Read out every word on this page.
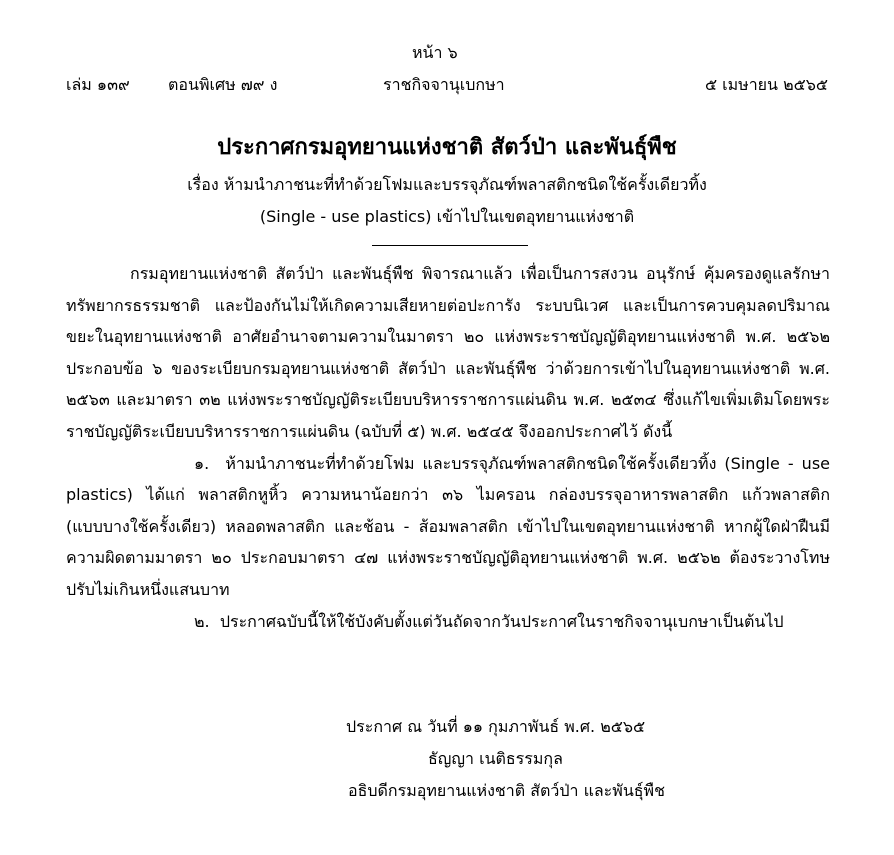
หน้า ๖
เล่ม ๑๓๙ ตอนพิเศษ ๗๙ ง	ราชกิจจานุเบกษา	๕ เมษายน ๒๕๖๕
ประกาศกรมอุทยานแห่งชาติ สัตว์ป่า และพันธุ์พืช
เรื่อง ห้ามนำภาชนะที่ทำด้วยโฟมและบรรจุภัณฑ์พลาสติกชนิดใช้ครั้งเดียวทิ้ง
(Single - use plastics) เข้าไปในเขตอุทยานแห่งชาติ

กรมอุทยานแห่งชาติ สัตว์ป่า และพันธุ์พืช พิจารณาแล้ว เพื่อเป็นการสงวน อนุรักษ์ คุ้มครองดูแลรักษาทรัพยากรธรรมชาติ และป้องกันไม่ให้เกิดความเสียหายต่อปะการัง ระบบนิเวศ และเป็นการควบคุมลดปริมาณขยะในอุทยานแห่งชาติ อาศัยอำนาจตามความในมาตรา ๒๐ แห่งพระราชบัญญัติอุทยานแห่งชาติ พ.ศ. ๒๕๖๒ ประกอบข้อ ๖ ของระเบียบกรมอุทยานแห่งชาติ สัตว์ป่า และพันธุ์พืช ว่าด้วยการเข้าไปในอุทยานแห่งชาติ พ.ศ. ๒๕๖๓ และมาตรา ๓๒ แห่งพระราชบัญญัติระเบียบบริหารราชการแผ่นดิน พ.ศ. ๒๕๓๔ ซึ่งแก้ไขเพิ่มเติมโดยพระราชบัญญัติระเบียบบริหารราชการแผ่นดิน (ฉบับที่ ๕) พ.ศ. ๒๕๔๕ จึงออกประกาศไว้ ดังนี้

๑. ห้ามนำภาชนะที่ทำด้วยโฟม และบรรจุภัณฑ์พลาสติกชนิดใช้ครั้งเดียวทิ้ง (Single - use plastics) ได้แก่ พลาสติกหูหิ้ว ความหนาน้อยกว่า ๓๖ ไมครอน กล่องบรรจุอาหารพลาสติก แก้วพลาสติก (แบบบางใช้ครั้งเดียว) หลอดพลาสติก และช้อน - ส้อมพลาสติก เข้าไปในเขตอุทยานแห่งชาติ หากผู้ใดฝ่าฝืนมีความผิดตามมาตรา ๒๐ ประกอบมาตรา ๔๗ แห่งพระราชบัญญัติอุทยานแห่งชาติ พ.ศ. ๒๕๖๒ ต้องระวางโทษปรับไม่เกินหนึ่งแสนบาท

๒. ประกาศฉบับนี้ให้ใช้บังคับตั้งแต่วันถัดจากวันประกาศในราชกิจจานุเบกษาเป็นต้นไป

ประกาศ ณ วันที่ ๑๑ กุมภาพันธ์ พ.ศ. ๒๕๖๕
ธัญญา เนติธรรมกุล
อธิบดีกรมอุทยานแห่งชาติ สัตว์ป่า และพันธุ์พืช
